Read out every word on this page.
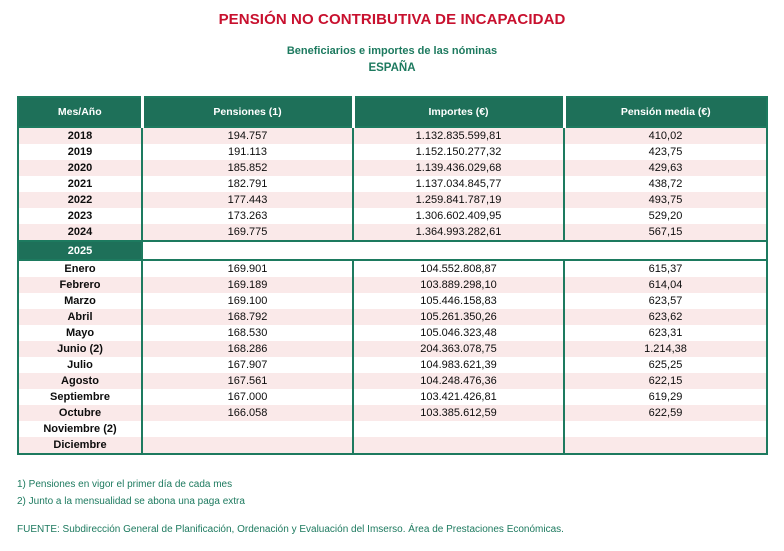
PENSIÓN NO CONTRIBUTIVA DE INCAPACIDAD
Beneficiarios e importes de las nóminas
ESPAÑA
Mes/Año	Pensiones (1)	Importes (€)	Pensión media (€)
2018	194.757	1.132.835.599,81	410,02
2019	191.113	1.152.150.277,32	423,75
2020	185.852	1.139.436.029,68	429,63
2021	182.791	1.137.034.845,77	438,72
2022	177.443	1.259.841.787,19	493,75
2023	173.263	1.306.602.409,95	529,20
2024	169.775	1.364.993.282,61	567,15
2025			
Enero	169.901	104.552.808,87	615,37
Febrero	169.189	103.889.298,10	614,04
Marzo	169.100	105.446.158,83	623,57
Abril	168.792	105.261.350,26	623,62
Mayo	168.530	105.046.323,48	623,31
Junio (2)	168.286	204.363.078,75	1.214,38
Julio	167.907	104.983.621,39	625,25
Agosto	167.561	104.248.476,36	622,15
Septiembre	167.000	103.421.426,81	619,29
Octubre	166.058	103.385.612,59	622,59
Noviembre (2)			
Diciembre			
1) Pensiones en vigor el primer día de cada mes
2) Junto a la mensualidad se abona una paga extra
FUENTE: Subdirección General de Planificación, Ordenación y Evaluación del Imserso. Área de Prestaciones Económicas.
